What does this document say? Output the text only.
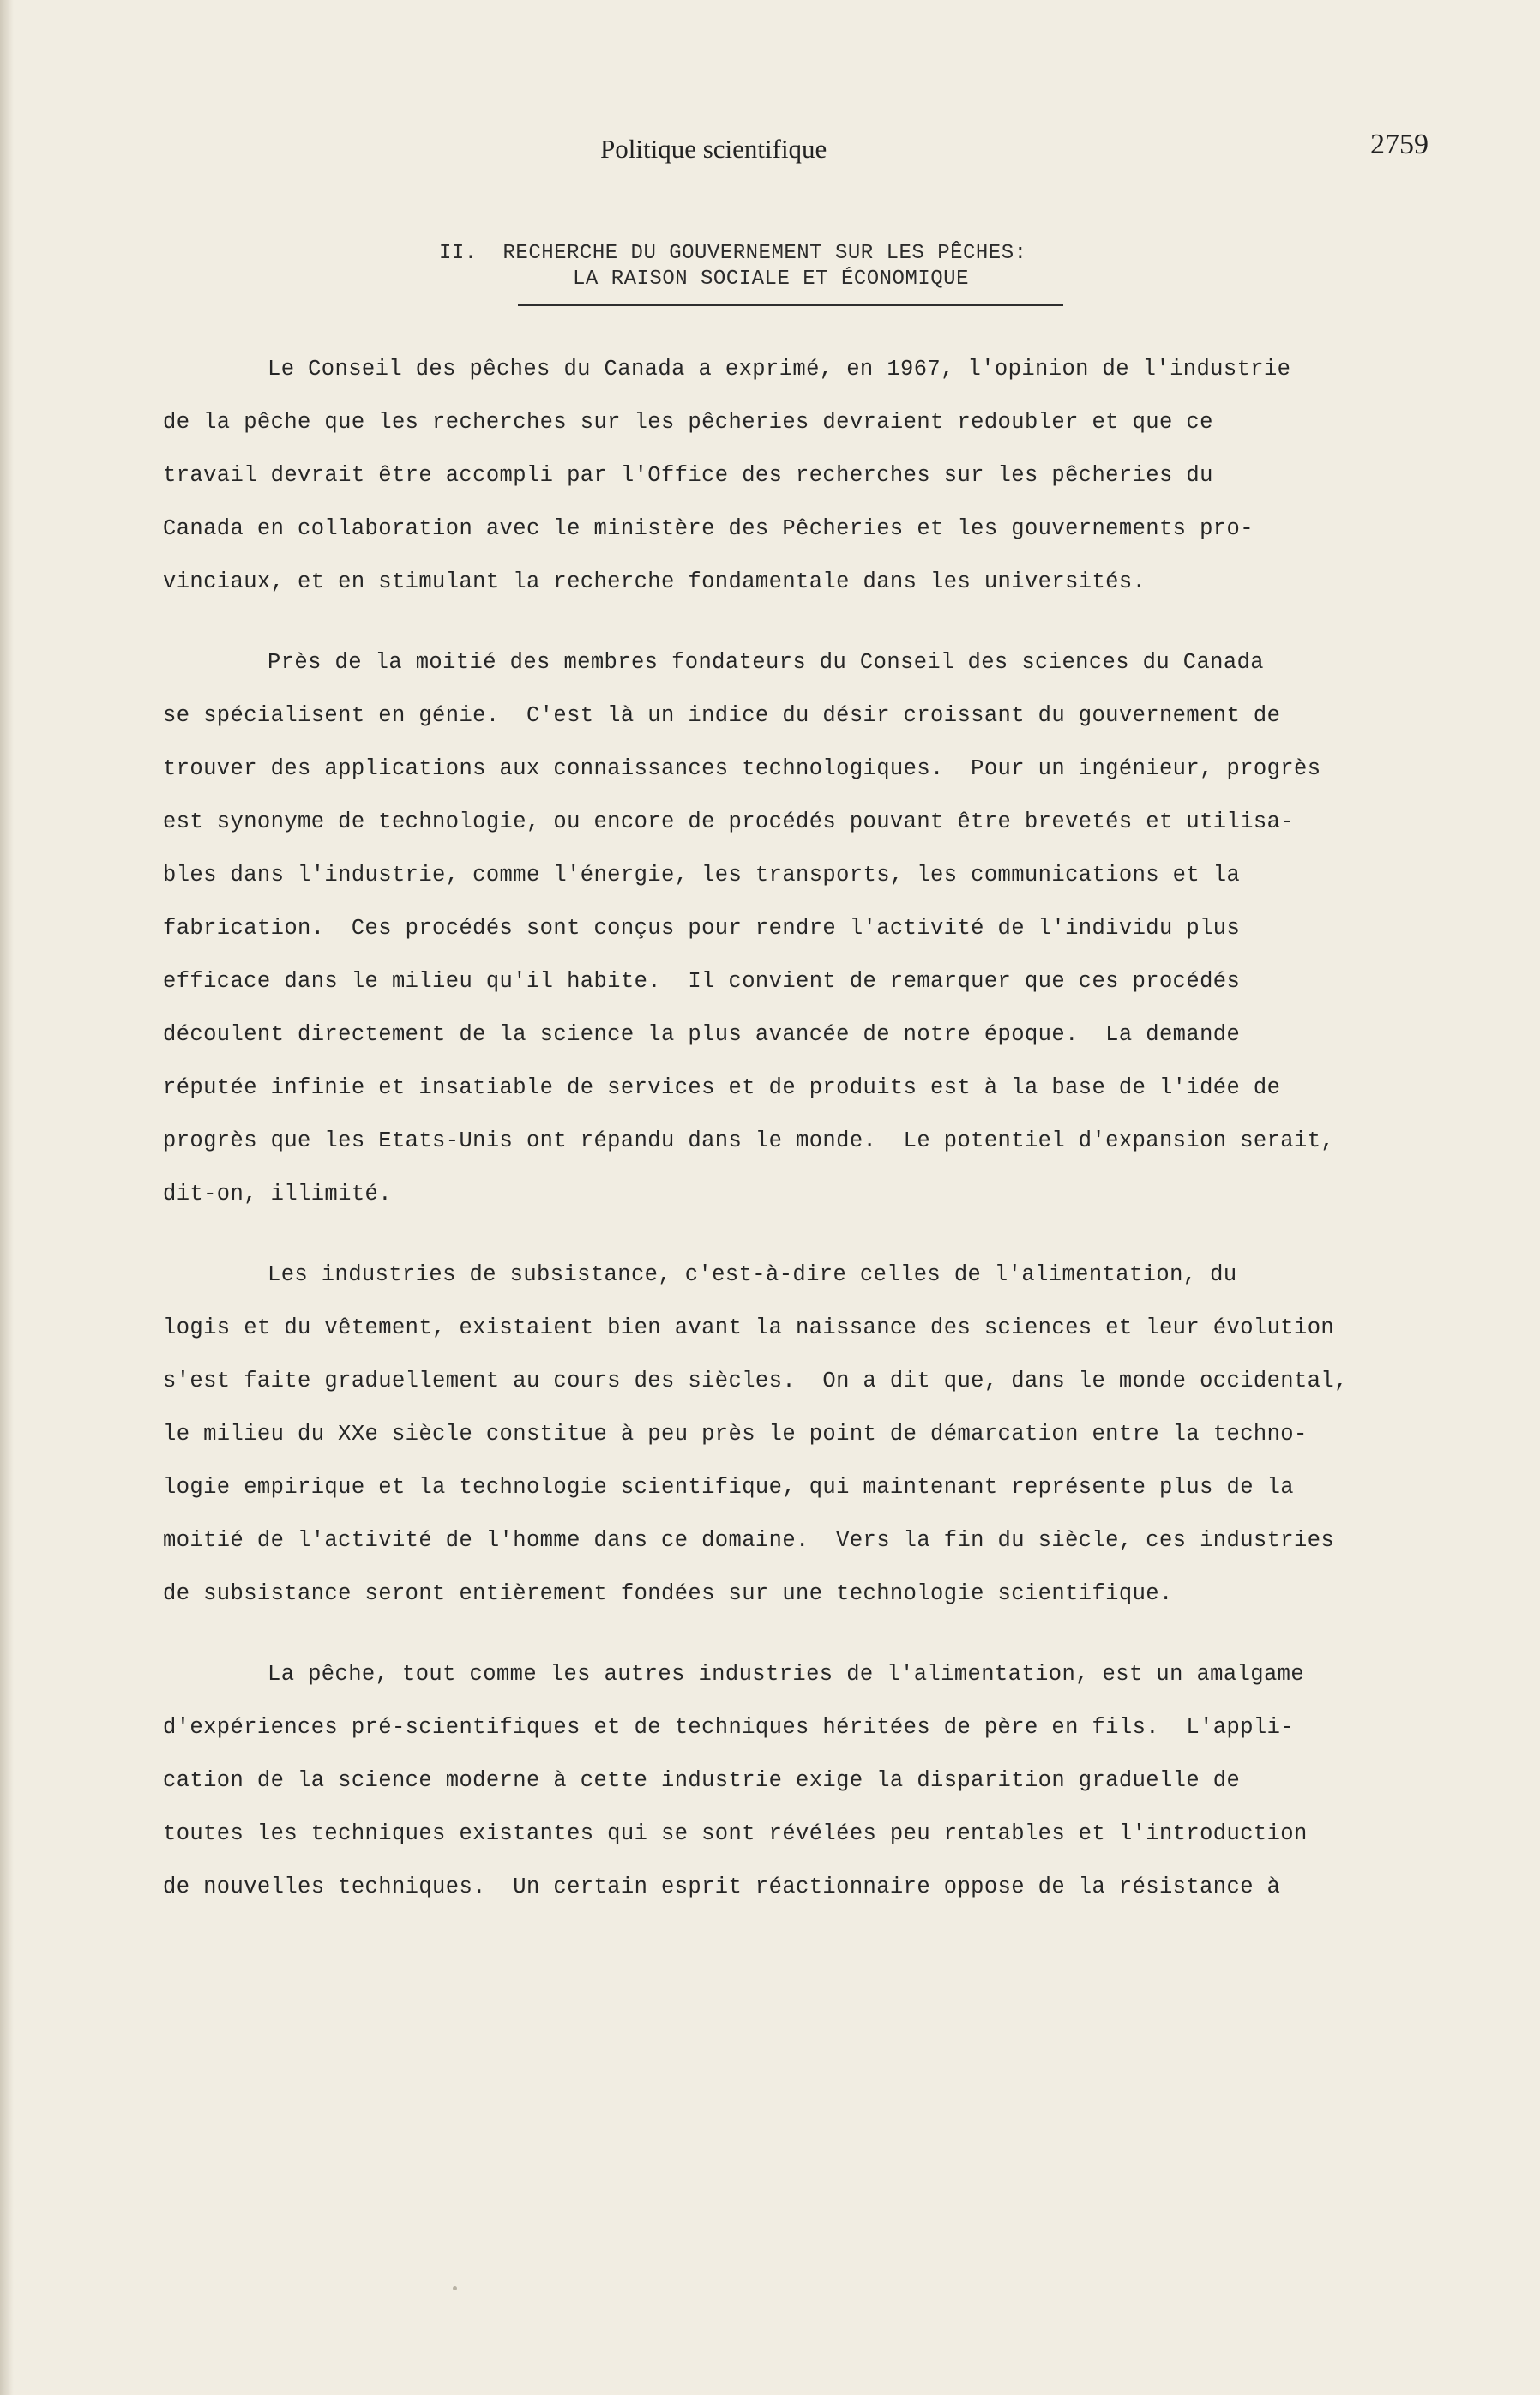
Politique scientifique	2759
II.  RECHERCHE DU GOUVERNEMENT SUR LES PÊCHES:
LA RAISON SOCIALE ET ÉCONOMIQUE
Le Conseil des pêches du Canada a exprimé, en 1967, l'opinion de l'industrie
de la pêche que les recherches sur les pêcheries devraient redoubler et que ce
travail devrait être accompli par l'Office des recherches sur les pêcheries du
Canada en collaboration avec le ministère des Pêcheries et les gouvernements pro-
vinciaux, et en stimulant la recherche fondamentale dans les universités.
Près de la moitié des membres fondateurs du Conseil des sciences du Canada
se spécialisent en génie.  C'est là un indice du désir croissant du gouvernement de
trouver des applications aux connaissances technologiques.  Pour un ingénieur, progrès
est synonyme de technologie, ou encore de procédés pouvant être brevetés et utilisa-
bles dans l'industrie, comme l'énergie, les transports, les communications et la
fabrication.  Ces procédés sont conçus pour rendre l'activité de l'individu plus
efficace dans le milieu qu'il habite.  Il convient de remarquer que ces procédés
découlent directement de la science la plus avancée de notre époque.  La demande
réputée infinie et insatiable de services et de produits est à la base de l'idée de
progrès que les Etats-Unis ont répandu dans le monde.  Le potentiel d'expansion serait,
dit-on, illimité.
Les industries de subsistance, c'est-à-dire celles de l'alimentation, du
logis et du vêtement, existaient bien avant la naissance des sciences et leur évolution
s'est faite graduellement au cours des siècles.  On a dit que, dans le monde occidental,
le milieu du XXe siècle constitue à peu près le point de démarcation entre la techno-
logie empirique et la technologie scientifique, qui maintenant représente plus de la
moitié de l'activité de l'homme dans ce domaine.  Vers la fin du siècle, ces industries
de subsistance seront entièrement fondées sur une technologie scientifique.
La pêche, tout comme les autres industries de l'alimentation, est un amalgame
d'expériences pré-scientifiques et de techniques héritées de père en fils.  L'appli-
cation de la science moderne à cette industrie exige la disparition graduelle de
toutes les techniques existantes qui se sont révélées peu rentables et l'introduction
de nouvelles techniques.  Un certain esprit réactionnaire oppose de la résistance à
